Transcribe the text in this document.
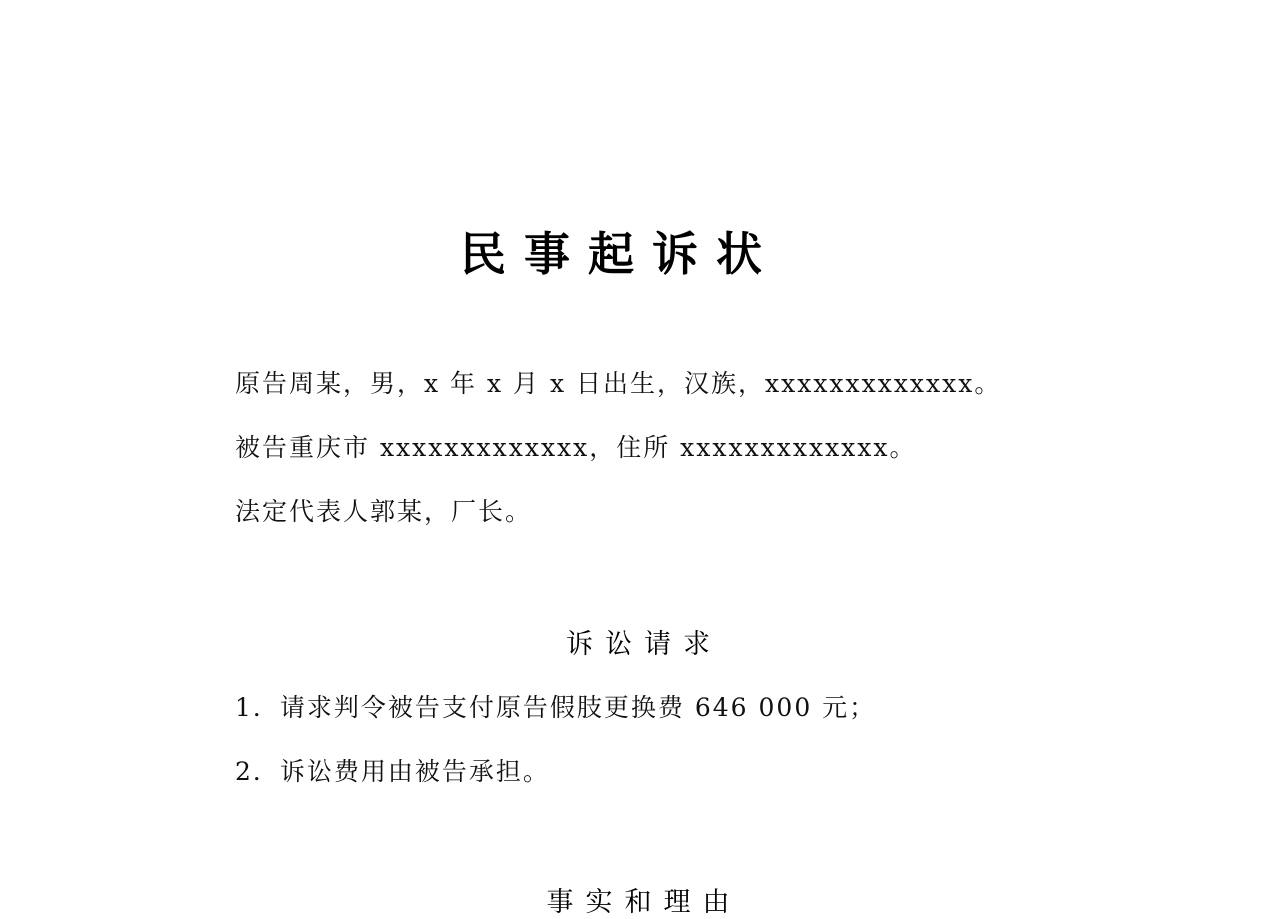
民事起诉状
原告周某，男，x 年 x 月 x 日出生，汉族，xxxxxxxxxxxxx。
被告重庆市 xxxxxxxxxxxxx，住所 xxxxxxxxxxxxx。
法定代表人郭某，厂长。
诉讼请求
1．请求判令被告支付原告假肢更换费 646 000 元；
2．诉讼费用由被告承担。
事实和理由
